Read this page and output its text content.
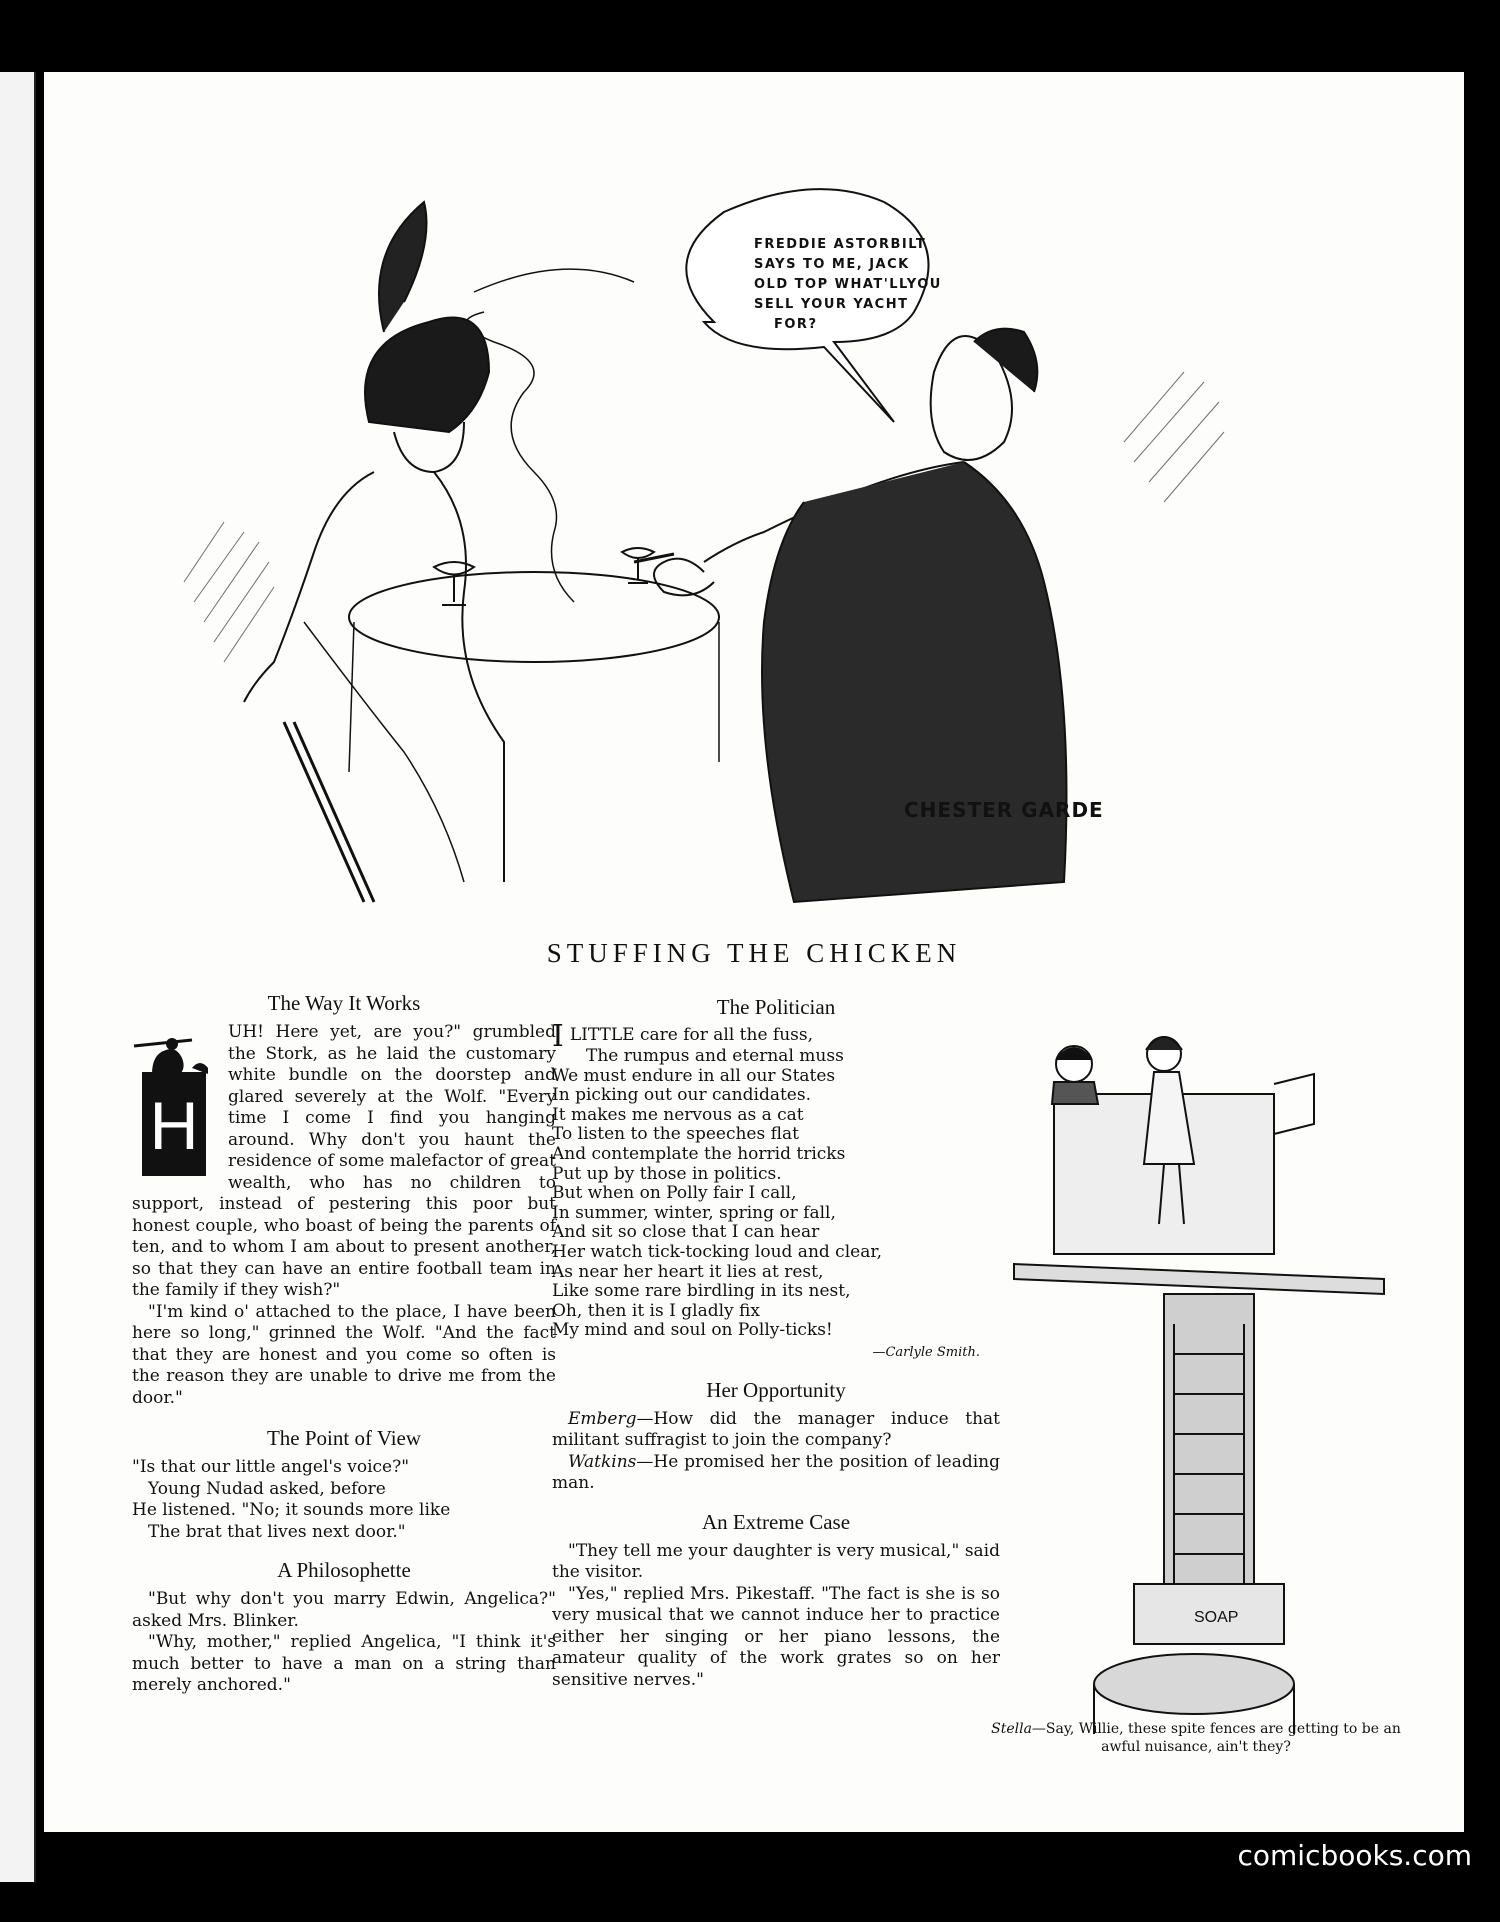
FREDDIE ASTORBILT
SAYS TO ME, JACK
OLD TOP WHAT'LLYOU
SELL YOUR YACHT
FOR?
CHESTER GARDE
STUFFING THE CHICKEN
The Way It Works
H

UH! Here yet, are you?" grumbled the Stork, as he laid the customary white bundle on the doorstep and glared severely at the Wolf. "Every time I come I find you hanging around. Why don't you haunt the residence of some malefactor of great wealth, who has no children to support, instead of pestering this poor but honest couple, who boast of being the parents of ten, and to whom I am about to present another, so that they can have an entire football team in the family if they wish?"

"I'm kind o' attached to the place, I have been here so long," grinned the Wolf. "And the fact that they are honest and you come so often is the reason they are unable to drive me from the door."

The Point of View
"Is that our little angel's voice?"
Young Nudad asked, before
He listened. "No; it sounds more like
The brat that lives next door."
A Philosophette

"But why don't you marry Edwin, Angelica?" asked Mrs. Blinker.

"Why, mother," replied Angelica, "I think it's much better to have a man on a string than merely anchored."

The Politician
ILITTLE care for all the fuss,
The rumpus and eternal muss
We must endure in all our States
In picking out our candidates.
It makes me nervous as a cat
To listen to the speeches flat
And contemplate the horrid tricks
Put up by those in politics.
But when on Polly fair I call,
In summer, winter, spring or fall,
And sit so close that I can hear
Her watch tick-tocking loud and clear,
As near her heart it lies at rest,
Like some rare birdling in its nest,
Oh, then it is I gladly fix
My mind and soul on Polly-ticks!
—Carlyle Smith.
Her Opportunity

Emberg—How did the manager induce that militant suffragist to join the company?

Watkins—He promised her the position of leading man.

An Extreme Case

"They tell me your daughter is very musical," said the visitor.

"Yes," replied Mrs. Pikestaff. "The fact is she is so very musical that we cannot induce her to practice either her singing or her piano lessons, the amateur quality of the work grates so on her sensitive nerves."

SOAP
Stella—Say, Willie, these spite fences are getting to be an awful nuisance, ain't they?
comicbooks.com
